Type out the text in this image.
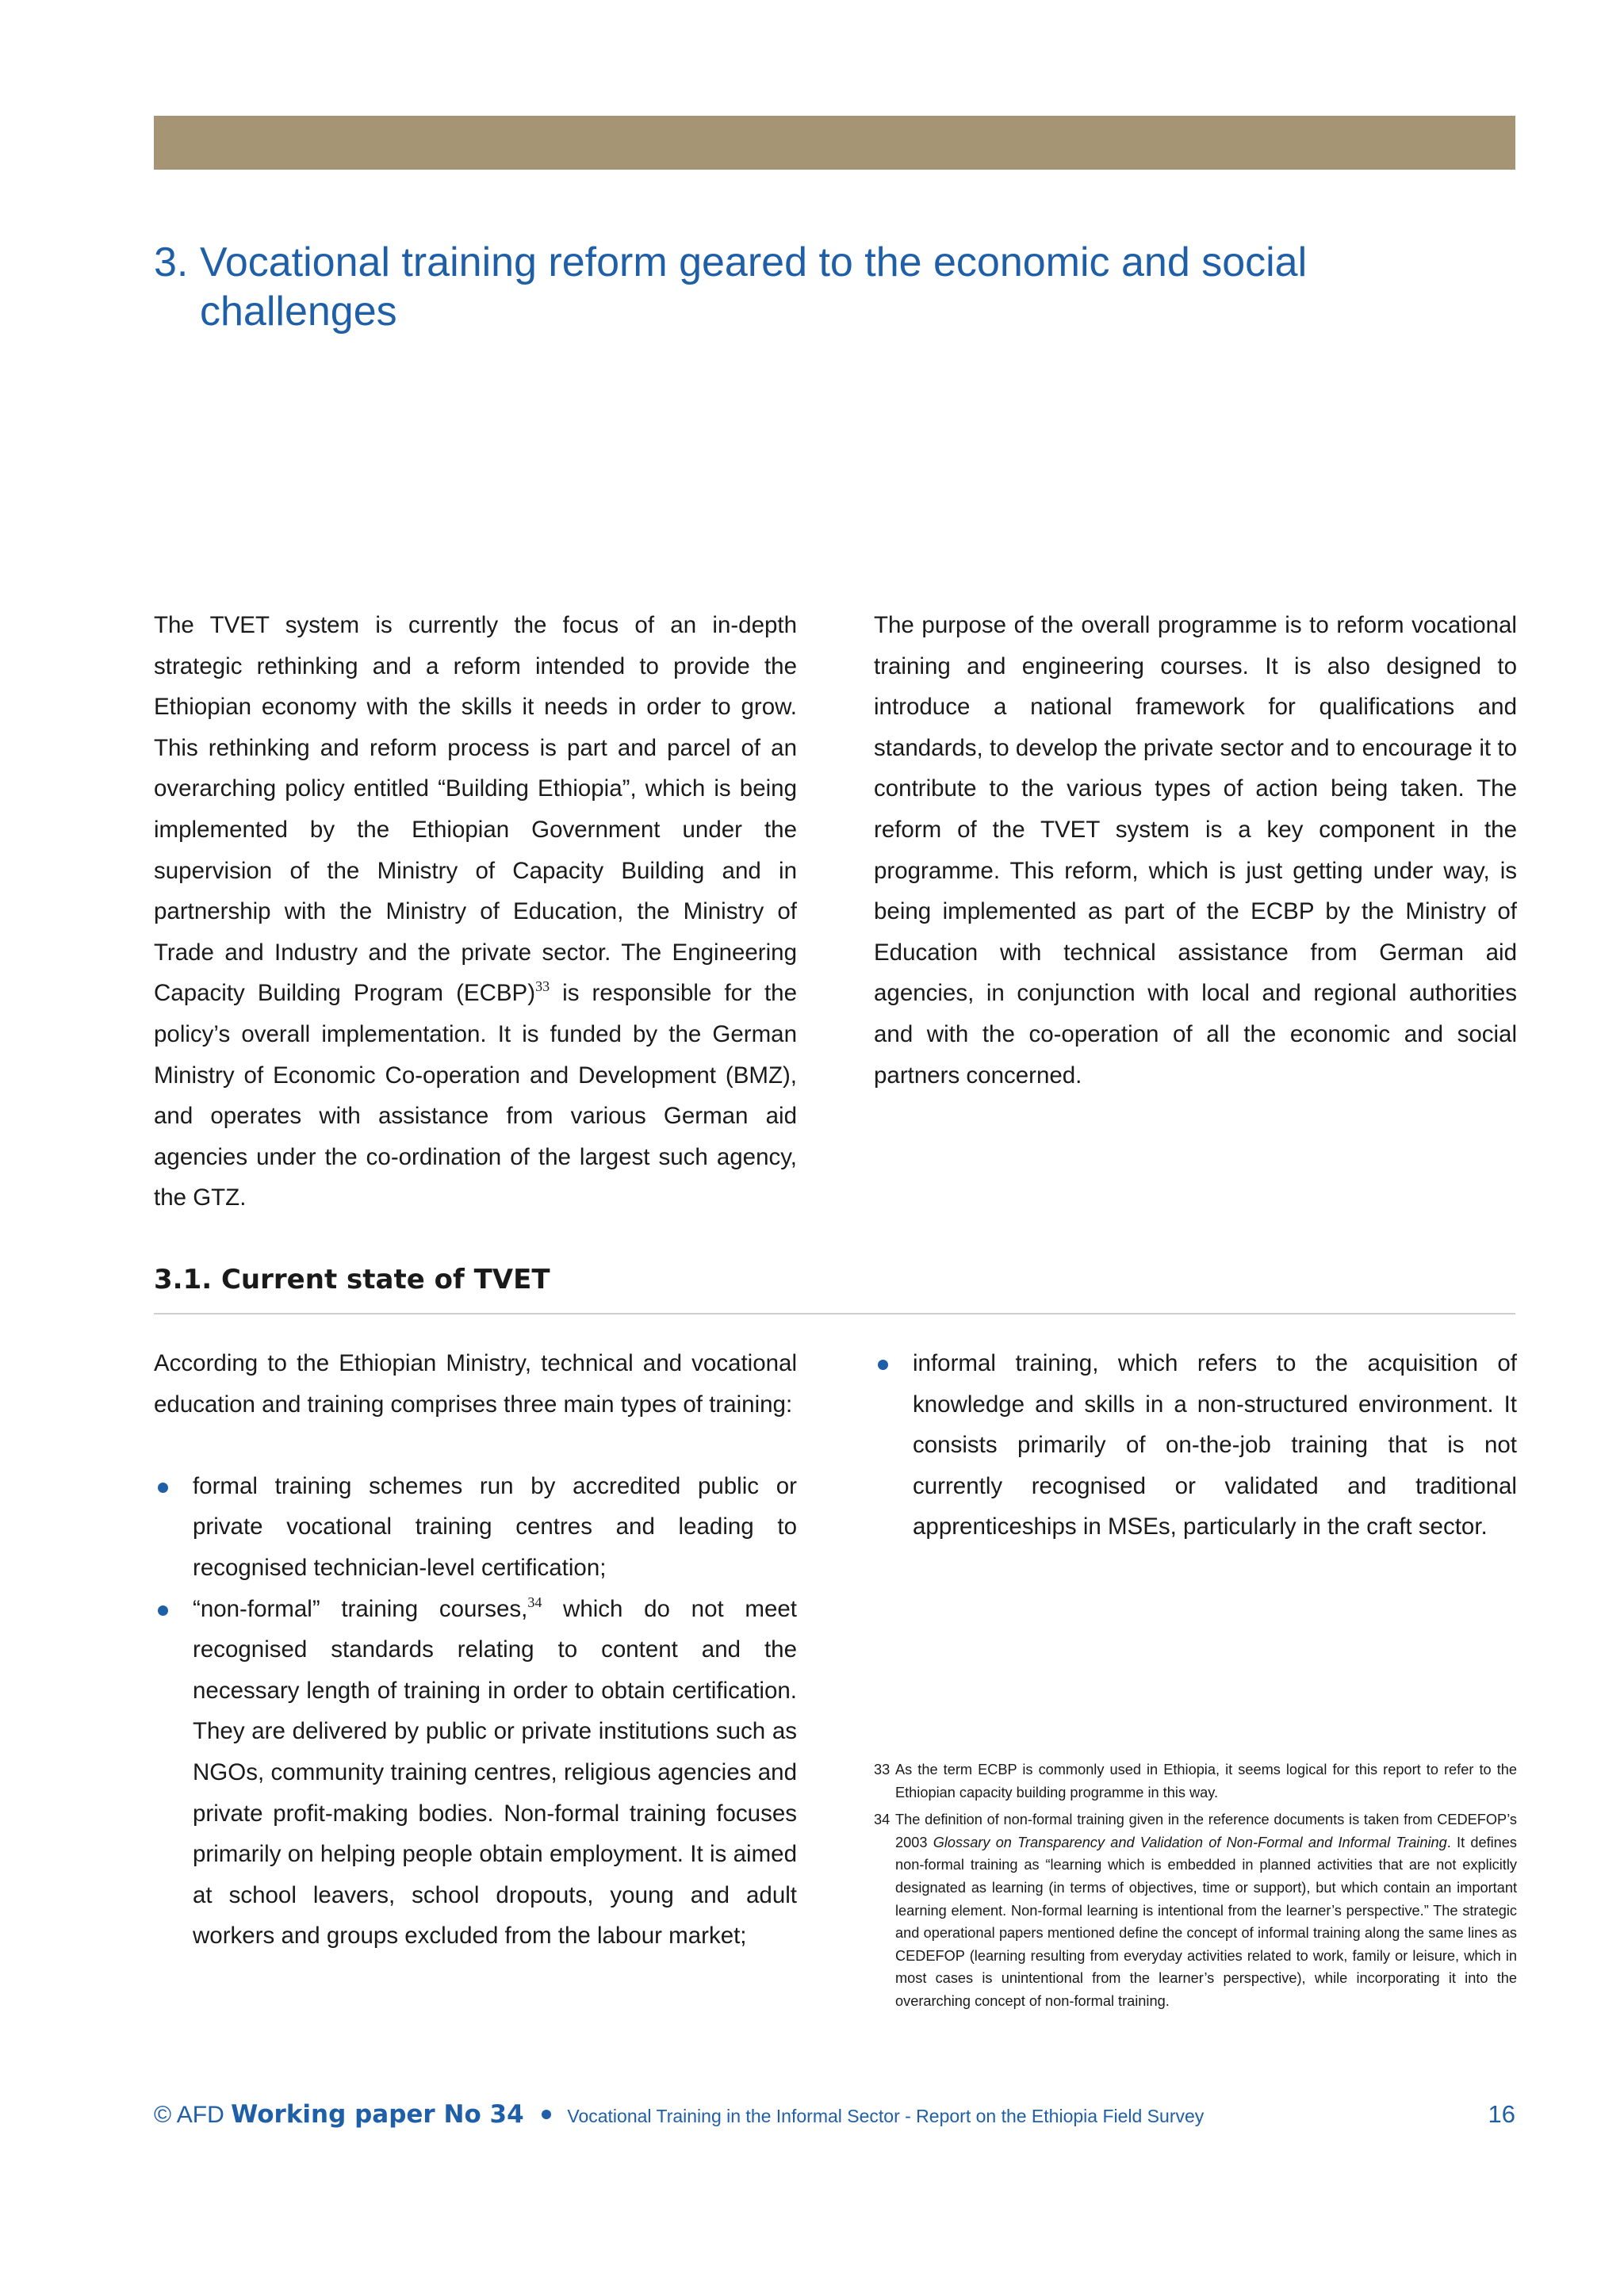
3. Vocational training reform geared to the economic and social
challenges

The TVET system is currently the focus of an in-depth strategic rethinking and a reform intended to provide the Ethiopian economy with the skills it needs in order to grow. This rethinking and reform process is part and parcel of an overarching policy entitled “Building Ethiopia”, which is being implemented by the Ethiopian Government under the supervision of the Ministry of Capacity Building and in partnership with the Ministry of Education, the Ministry of Trade and Industry and the private sector. The Engineering Capacity Building Program (ECBP)$^{33}$ is responsible for the policy’s overall implementation. It is funded by the German Ministry of Economic Co-operation and Development (BMZ), and operates with assistance from various German aid agencies under the co-ordination of the largest such agency, the GTZ.

The purpose of the overall programme is to reform vocational training and engineering courses. It is also designed to introduce a national framework for qualifications and standards, to develop the private sector and to encourage it to contribute to the various types of action being taken. The reform of the TVET system is a key component in the programme. This reform, which is just getting under way, is being implemented as part of the ECBP by the Ministry of Education with technical assistance from German aid agencies, in conjunction with local and regional authorities and with the co-operation of all the economic and social partners concerned.

3.1. Current state of TVET

According to the Ethiopian Ministry, technical and vocational education and training comprises three main types of training:

formal training schemes run by accredited public or private vocational training centres and leading to recognised technician-level certification;
“non-formal” training courses,$^{34}$ which do not meet recognised standards relating to content and the necessary length of training in order to obtain certification. They are delivered by public or private institutions such as NGOs, community training centres, religious agencies and private profit-making bodies. Non-formal training focuses primarily on helping people obtain employment. It is aimed at school leavers, school dropouts, young and adult workers and groups excluded from the labour market;
informal training, which refers to the acquisition of knowledge and skills in a non-structured environment. It consists primarily of on-the-job training that is not currently recognised or validated and traditional apprenticeships in MSEs, particularly in the craft sector.
33 As the term ECBP is commonly used in Ethiopia, it seems logical for this report to refer to the Ethiopian capacity building programme in this way.
34 The definition of non-formal training given in the reference documents is taken from CEDEFOP’s 2003 Glossary on Transparency and Validation of Non-Formal and Informal Training. It defines non-formal training as “learning which is embedded in planned activities that are not explicitly designated as learning (in terms of objectives, time or support), but which contain an important learning element. Non-formal learning is intentional from the learner’s perspective.” The strategic and operational papers mentioned define the concept of informal training along the same lines as CEDEFOP (learning resulting from everyday activities related to work, family or leisure, which in most cases is unintentional from the learner’s perspective), while incorporating it into the overarching concept of non-formal training.
© AFD Working paper No 34 Vocational Training in the Informal Sector - Report on the Ethiopia Field Survey	16
